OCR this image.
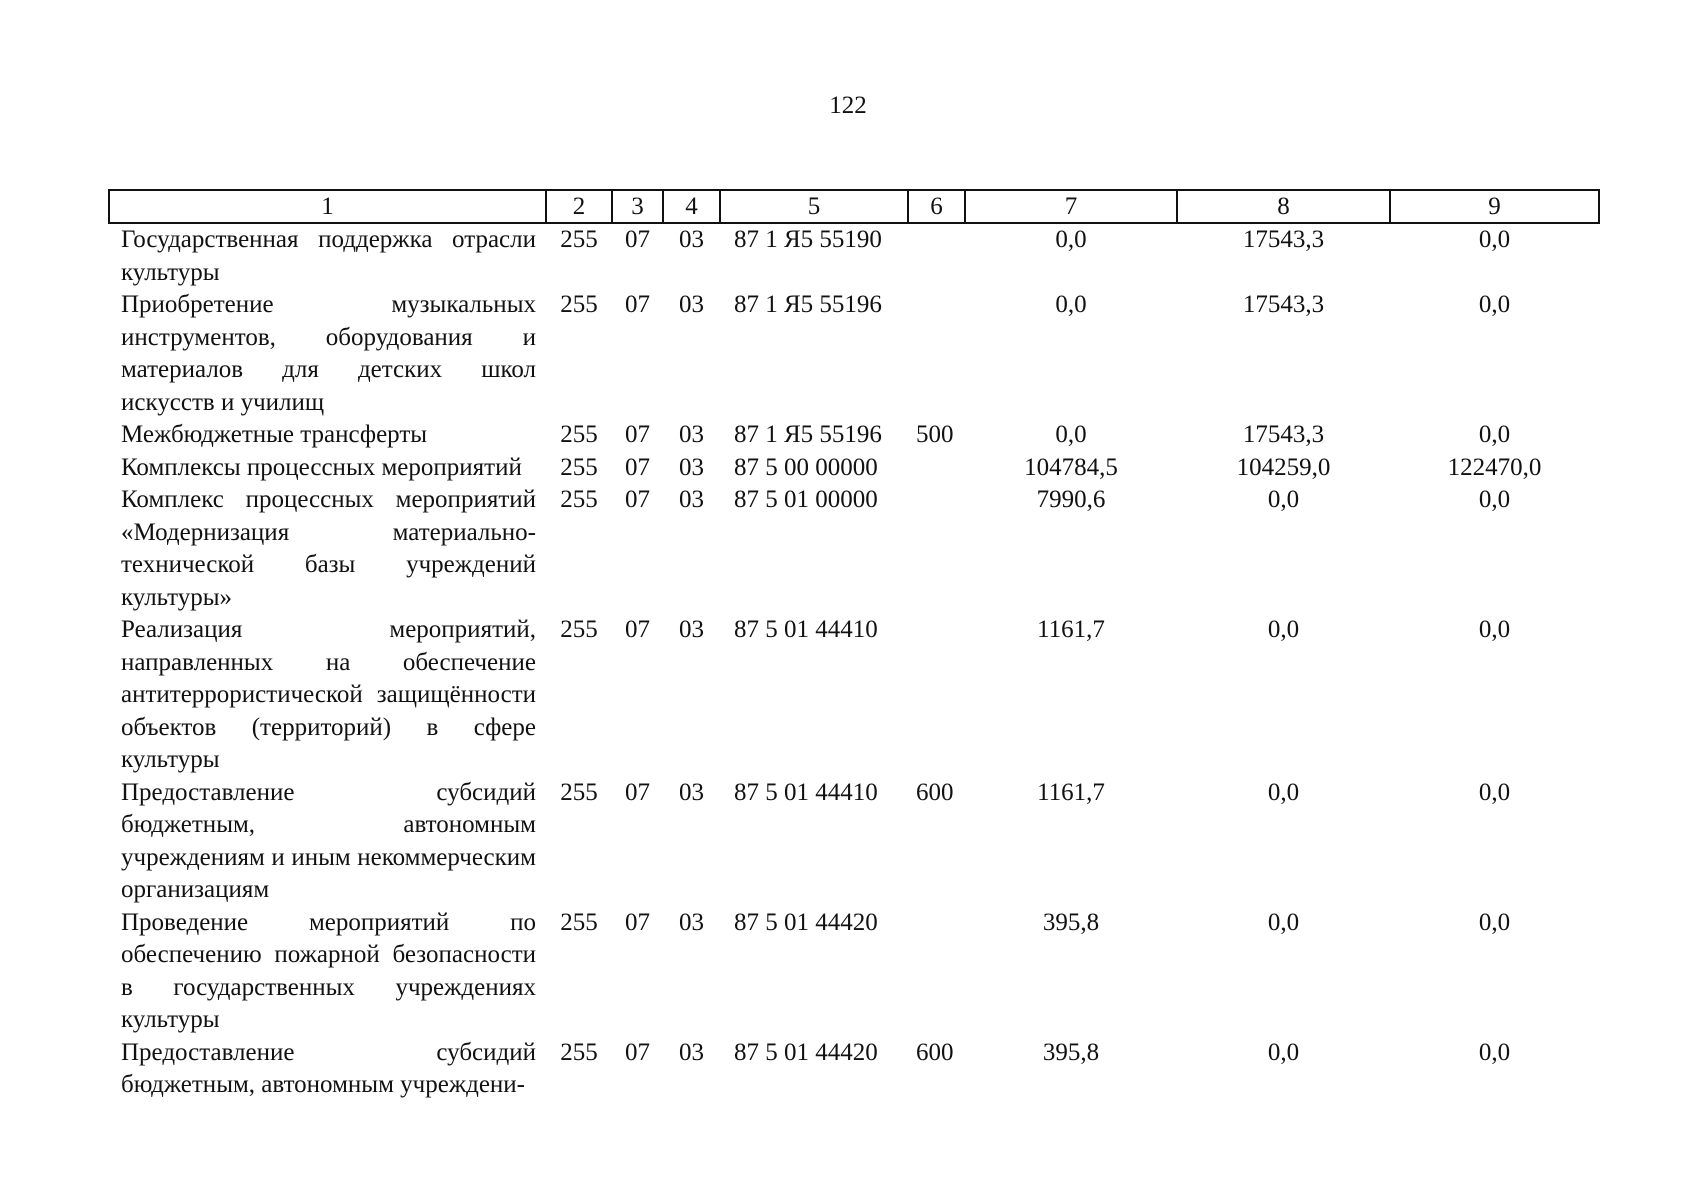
122
1	2	3	4	5	6	7	8	9
Государственная поддержка отрасли культуры	255	07	03	87 1 Я5 55190		0,0	17543,3	0,0
Приобретение музыкальных инструментов, оборудования и материалов для детских школ искусств и училищ	255	07	03	87 1 Я5 55196		0,0	17543,3	0,0
Межбюджетные трансферты	255	07	03	87 1 Я5 55196	500	0,0	17543,3	0,0
Комплексы процессных мероприятий	255	07	03	87 5 00 00000		104784,5	104259,0	122470,0
Комплекс процессных мероприятий «Модернизация материально-технической базы учреждений культуры»	255	07	03	87 5 01 00000		7990,6	0,0	0,0
Реализация мероприятий, направленных на обеспечение антитеррористической защищённости объектов (территорий) в сфере культуры	255	07	03	87 5 01 44410		1161,7	0,0	0,0
Предоставление субсидий бюджетным, автономным учреждениям и иным некоммерческим организациям	255	07	03	87 5 01 44410	600	1161,7	0,0	0,0
Проведение мероприятий по обеспечению пожарной безопасности в государственных учреждениях культуры	255	07	03	87 5 01 44420		395,8	0,0	0,0
Предоставление субсидий бюджетным, автономным учреждени-	255	07	03	87 5 01 44420	600	395,8	0,0	0,0
